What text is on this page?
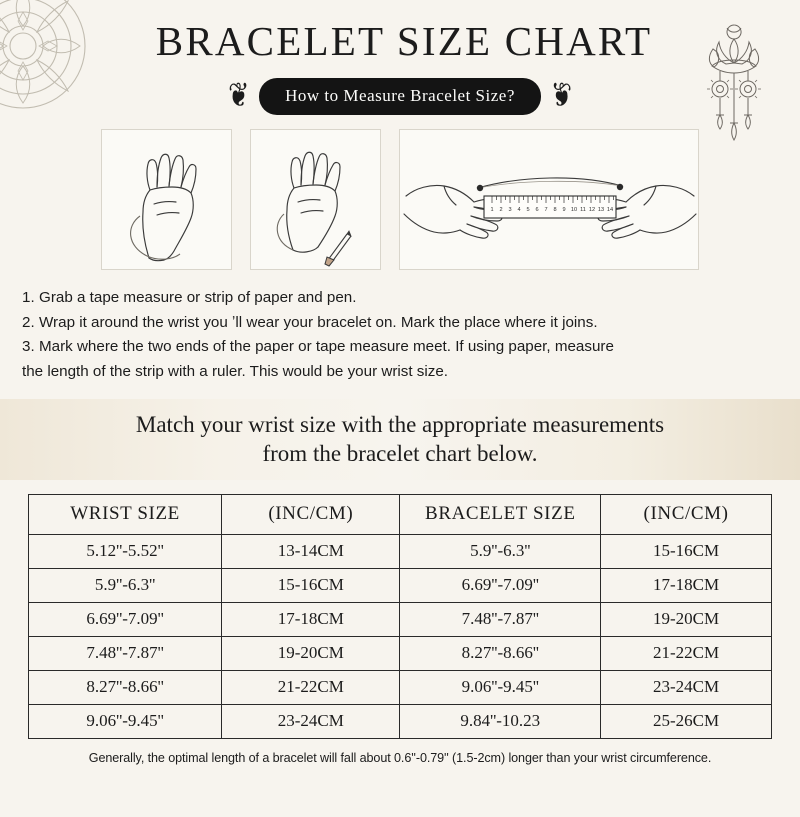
BRACELET SIZE CHART
❦	How to Measure Bracelet Size?	❦
1 2 3 4 5 6 7 8 9 10 11 12 13 14
1. Grab a tape measure or strip of paper and pen.
2. Wrap it around the wrist you ʼll wear your bracelet on. Mark the place where it joins.
3. Mark where the two ends of the paper or tape measure meet. If using paper, measure
the length of the strip with a ruler. This would be your wrist size.
Match your wrist size with the appropriate measurements
from the bracelet chart below.
WRIST SIZE	(INC/CM)	BRACELET SIZE	(INC/CM)
5.12''-5.52''	13-14CM	5.9''-6.3''	15-16CM
5.9''-6.3''	15-16CM	6.69''-7.09''	17-18CM
6.69''-7.09''	17-18CM	7.48''-7.87''	19-20CM
7.48''-7.87''	19-20CM	8.27''-8.66''	21-22CM
8.27''-8.66''	21-22CM	9.06''-9.45''	23-24CM
9.06''-9.45''	23-24CM	9.84''-10.23	25-26CM
Generally, the optimal length of a bracelet will fall about 0.6''-0.79'' (1.5-2cm) longer than your wrist circumference.
